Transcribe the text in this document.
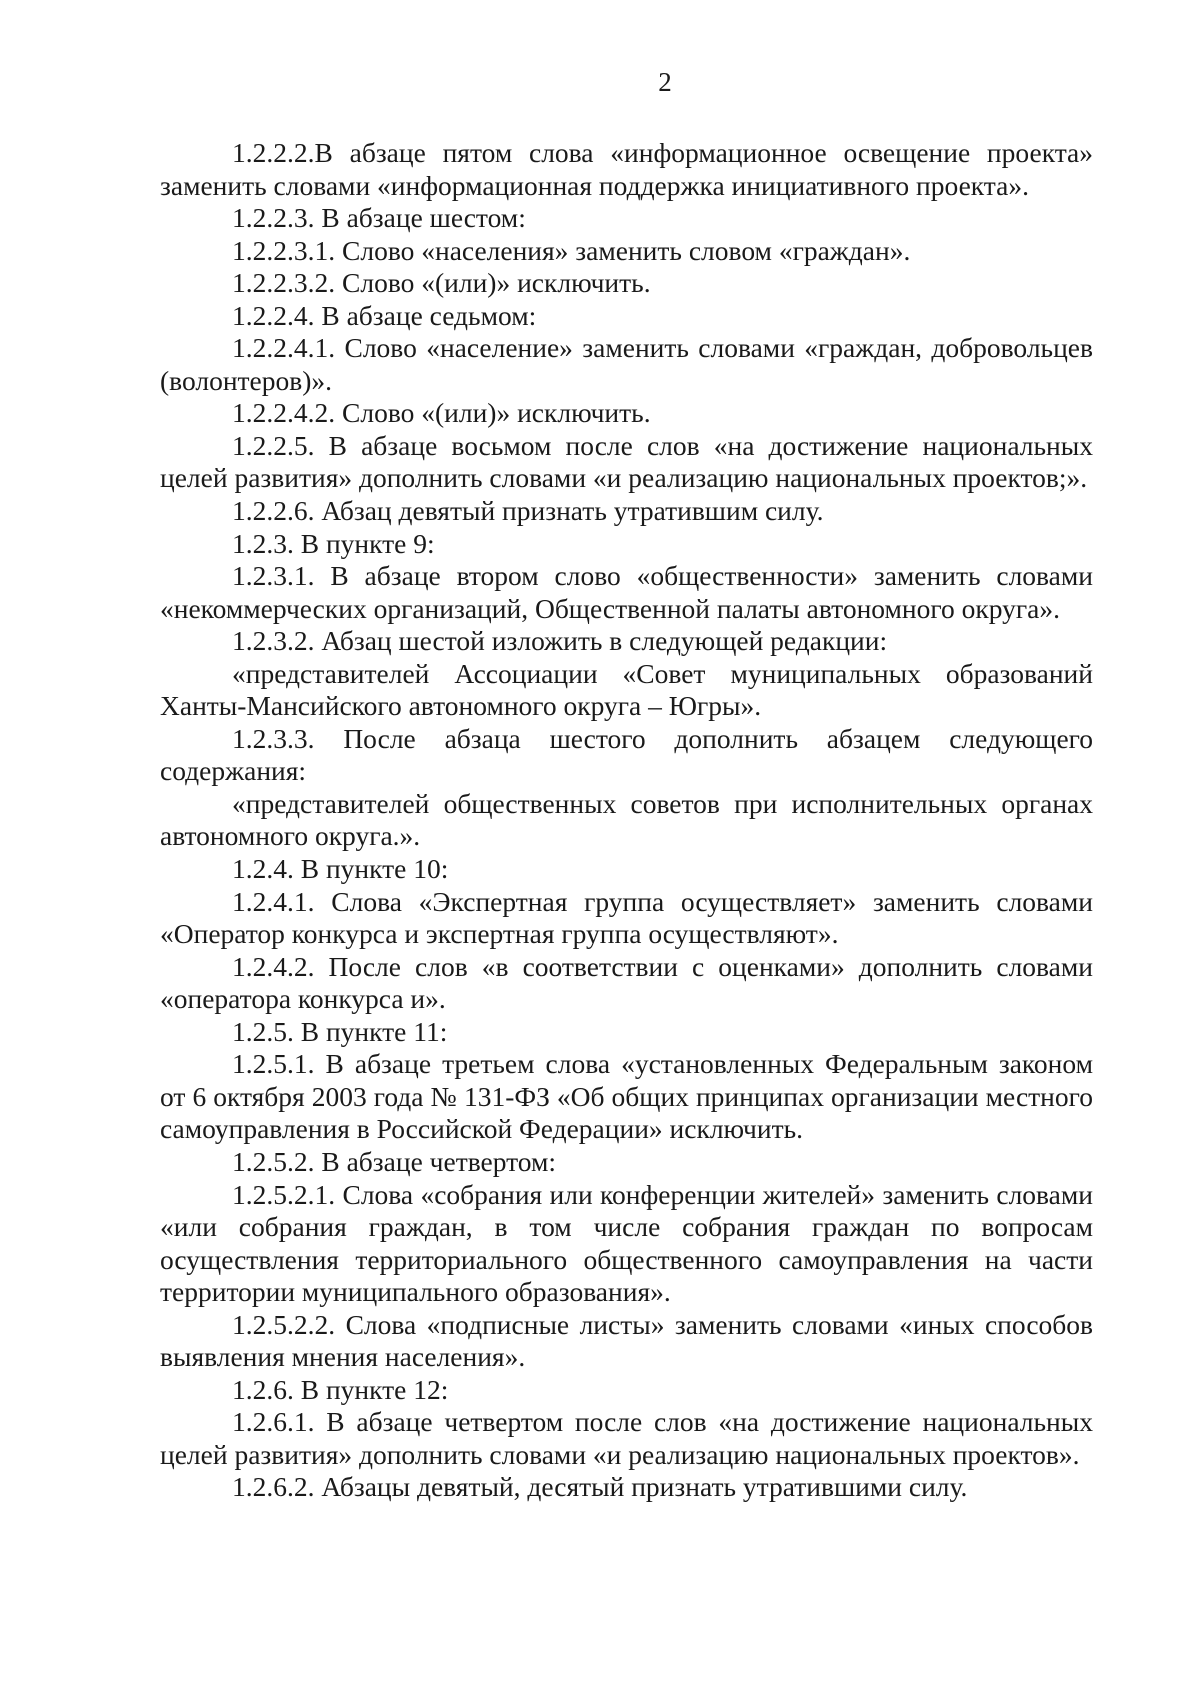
2

1.2.2.2.В абзаце пятом слова «информационное освещение проекта» заменить словами «информационная поддержка инициативного проекта».

1.2.2.3. В абзаце шестом:

1.2.2.3.1. Слово «населения» заменить словом «граждан».

1.2.2.3.2. Слово «(или)» исключить.

1.2.2.4. В абзаце седьмом:

1.2.2.4.1. Слово «население» заменить словами «граждан, добровольцев (волонтеров)».

1.2.2.4.2. Слово «(или)» исключить.

1.2.2.5. В абзаце восьмом после слов «на достижение национальных целей развития» дополнить словами «и реализацию национальных проектов;».

1.2.2.6. Абзац девятый признать утратившим силу.

1.2.3. В пункте 9:

1.2.3.1. В абзаце втором слово «общественности» заменить словами «некоммерческих организаций, Общественной палаты автономного округа».

1.2.3.2. Абзац шестой изложить в следующей редакции:

«представителей Ассоциации «Совет муниципальных образований Ханты-Мансийского автономного округа – Югры».

1.2.3.3. После абзаца шестого дополнить абзацем следующего содержания:

«представителей общественных советов при исполнительных органах автономного округа.».

1.2.4. В пункте 10:

1.2.4.1. Слова «Экспертная группа осуществляет» заменить словами «Оператор конкурса и экспертная группа осуществляют».

1.2.4.2. После слов «в соответствии с оценками» дополнить словами «оператора конкурса и».

1.2.5. В пункте 11:

1.2.5.1. В абзаце третьем слова «установленных Федеральным законом от 6 октября 2003 года № 131-ФЗ «Об общих принципах организации местного самоуправления в Российской Федерации» исключить.

1.2.5.2. В абзаце четвертом:

1.2.5.2.1. Слова «собрания или конференции жителей» заменить словами «или собрания граждан, в том числе собрания граждан по вопросам осуществления территориального общественного самоуправления на части территории муниципального образования».

1.2.5.2.2. Слова «подписные листы» заменить словами «иных способов выявления мнения населения».

1.2.6. В пункте 12:

1.2.6.1. В абзаце четвертом после слов «на достижение национальных целей развития» дополнить словами «и реализацию национальных проектов».

1.2.6.2. Абзацы девятый, десятый признать утратившими силу.
